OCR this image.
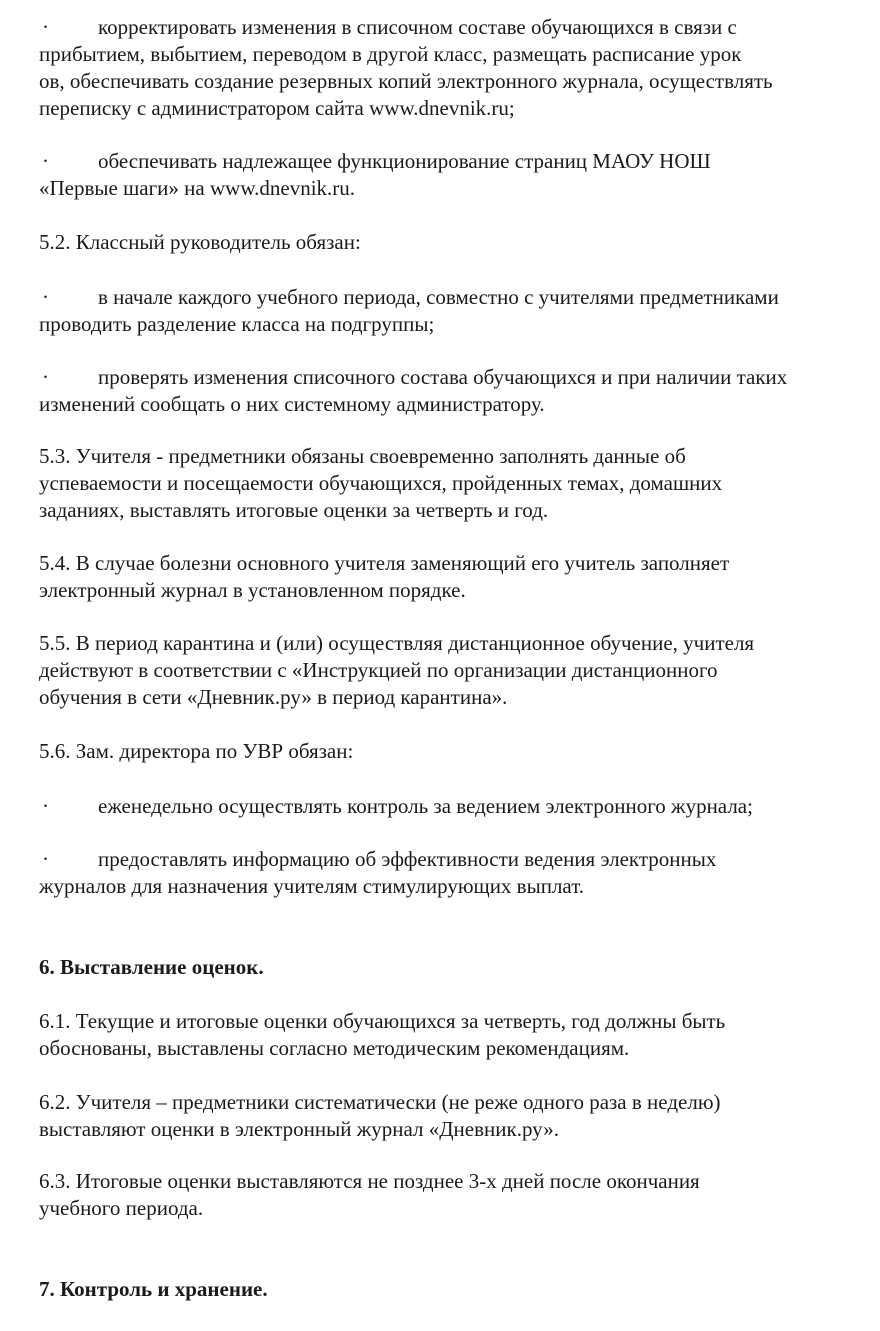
· корректировать изменения в списочном составе обучающихся в связи с
прибытием, выбытием, переводом в другой класс, размещать расписание урок
ов, обеспечивать создание резервных копий электронного журнала, осуществлять
переписку с администратором сайта www.dnevnik.ru;
· обеспечивать надлежащее функционирование страниц МАОУ НОШ
«Первые шаги» на www.dnevnik.ru.
5.2. Классный руководитель обязан:
· в начале каждого учебного периода, совместно с учителями предметниками
проводить разделение класса на подгруппы;
· проверять изменения списочного состава обучающихся и при наличии таких
изменений сообщать о них системному администратору.
5.3. Учителя - предметники обязаны своевременно заполнять данные об
успеваемости и посещаемости обучающихся, пройденных темах, домашних
заданиях, выставлять итоговые оценки за четверть и год.
5.4. В случае болезни основного учителя заменяющий его учитель заполняет
электронный журнал в установленном порядке.
5.5. В период карантина и (или) осуществляя дистанционное обучение, учителя
действуют в соответствии с «Инструкцией по организации дистанционного
обучения в сети «Дневник.ру» в период карантина».
5.6. Зам. директора по УВР обязан:
· еженедельно осуществлять контроль за ведением электронного журнала;
· предоставлять информацию об эффективности ведения электронных
журналов для назначения учителям стимулирующих выплат.
6. Выставление оценок.
6.1. Текущие и итоговые оценки обучающихся за четверть, год должны быть
обоснованы, выставлены согласно методическим рекомендациям.
6.2. Учителя – предметники систематически (не реже одного раза в неделю)
выставляют оценки в электронный журнал «Дневник.ру».
6.3. Итоговые оценки выставляются не позднее 3-х дней после окончания
учебного периода.
7. Контроль и хранение.
